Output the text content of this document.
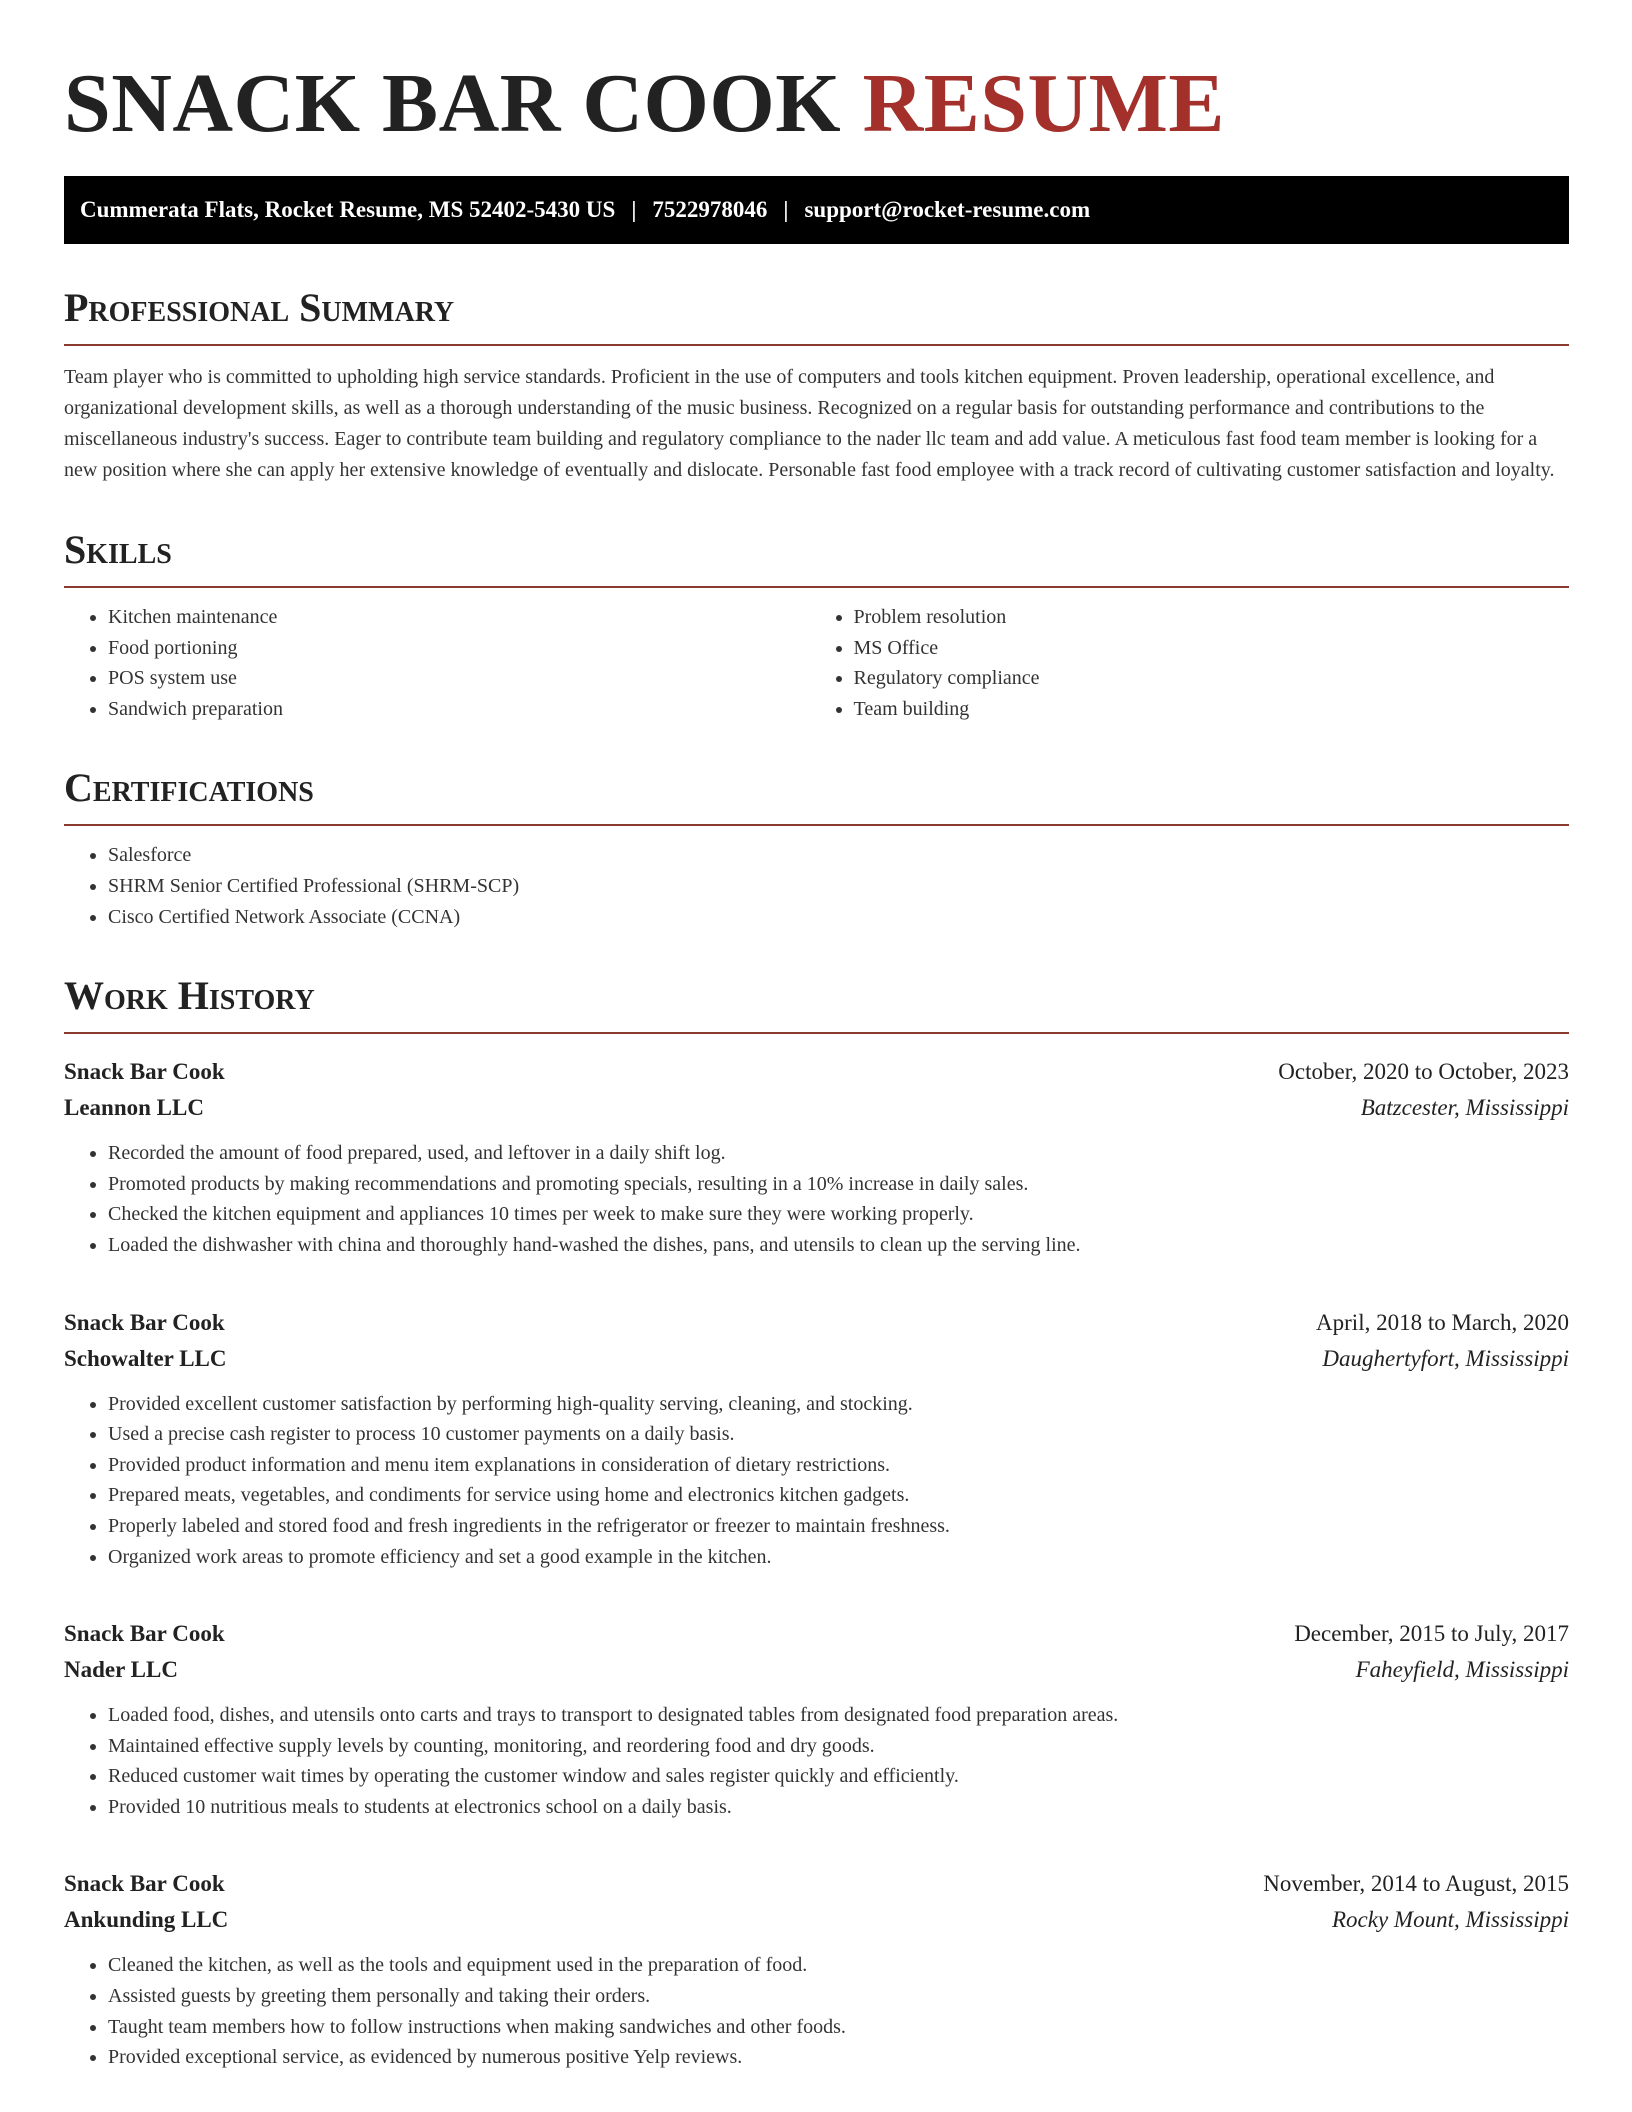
SNACK BAR COOK RESUME
Cummerata Flats, Rocket Resume, MS 52402-5430 US | 7522978046 | support@rocket-resume.com
Professional Summary

Team player who is committed to upholding high service standards. Proficient in the use of computers and tools kitchen equipment. Proven leadership, operational excellence, and organizational development skills, as well as a thorough understanding of the music business. Recognized on a regular basis for outstanding performance and contributions to the miscellaneous industry's success. Eager to contribute team building and regulatory compliance to the nader llc team and add value. A meticulous fast food team member is looking for a new position where she can apply her extensive knowledge of eventually and dislocate. Personable fast food employee with a track record of cultivating customer satisfaction and loyalty.

Skills
• Kitchen maintenance
• Food portioning
• POS system use
• Sandwich preparation
• Problem resolution
• MS Office
• Regulatory compliance
• Team building
Certifications
• Salesforce
• SHRM Senior Certified Professional (SHRM-SCP)
• Cisco Certified Network Associate (CCNA)
Work History
Snack Bar Cook	October, 2020 to October, 2023
Leannon LLC	Batzcester, Mississippi
• Recorded the amount of food prepared, used, and leftover in a daily shift log.
• Promoted products by making recommendations and promoting specials, resulting in a 10% increase in daily sales.
• Checked the kitchen equipment and appliances 10 times per week to make sure they were working properly.
• Loaded the dishwasher with china and thoroughly hand-washed the dishes, pans, and utensils to clean up the serving line.
Snack Bar Cook	April, 2018 to March, 2020
Schowalter LLC	Daughertyfort, Mississippi
• Provided excellent customer satisfaction by performing high-quality serving, cleaning, and stocking.
• Used a precise cash register to process 10 customer payments on a daily basis.
• Provided product information and menu item explanations in consideration of dietary restrictions.
• Prepared meats, vegetables, and condiments for service using home and electronics kitchen gadgets.
• Properly labeled and stored food and fresh ingredients in the refrigerator or freezer to maintain freshness.
• Organized work areas to promote efficiency and set a good example in the kitchen.
Snack Bar Cook	December, 2015 to July, 2017
Nader LLC	Faheyfield, Mississippi
• Loaded food, dishes, and utensils onto carts and trays to transport to designated tables from designated food preparation areas.
• Maintained effective supply levels by counting, monitoring, and reordering food and dry goods.
• Reduced customer wait times by operating the customer window and sales register quickly and efficiently.
• Provided 10 nutritious meals to students at electronics school on a daily basis.
Snack Bar Cook	November, 2014 to August, 2015
Ankunding LLC	Rocky Mount, Mississippi
• Cleaned the kitchen, as well as the tools and equipment used in the preparation of food.
• Assisted guests by greeting them personally and taking their orders.
• Taught team members how to follow instructions when making sandwiches and other foods.
• Provided exceptional service, as evidenced by numerous positive Yelp reviews.
